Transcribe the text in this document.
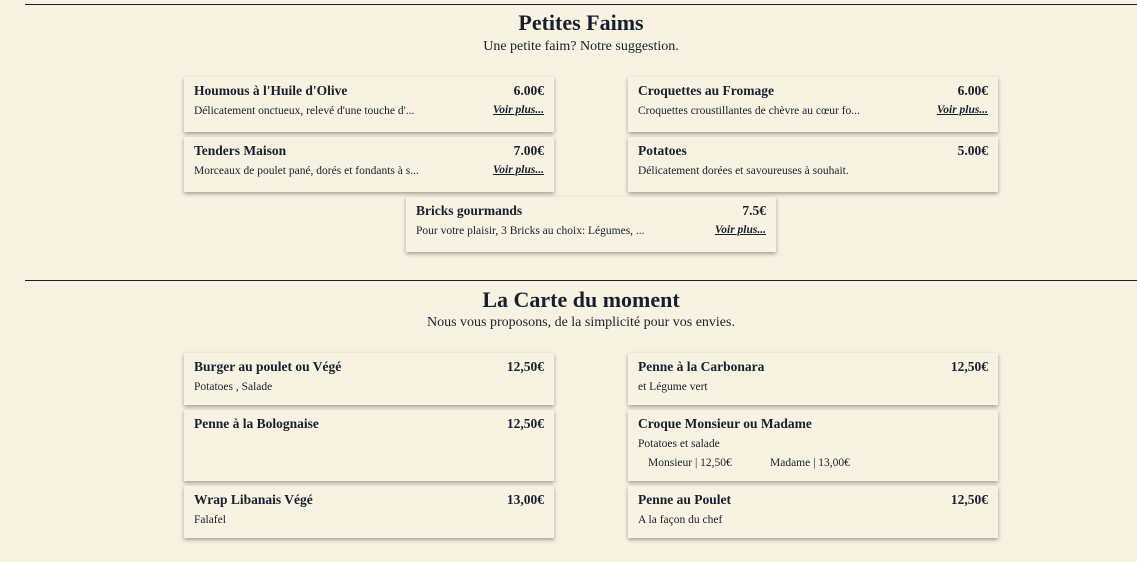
Petites Faims
Une petite faim? Notre suggestion.
Houmous à l'Huile d'Olive	6.00€
Délicatement onctueux, relevé d'une touche d'...	Voir plus...
Croquettes au Fromage	6.00€
Croquettes croustillantes de chèvre au cœur fo...	Voir plus...
Tenders Maison	7.00€
Morceaux de poulet pané, dorés et fondants à s...	Voir plus...
Potatoes	5.00€
Délicatement dorées et savoureuses à souhait.
Bricks gourmands	7.5€
Pour votre plaisir, 3 Bricks au choix: Légumes, ...	Voir plus...
La Carte du moment
Nous vous proposons, de la simplicité pour vos envies.
Burger au poulet ou Végé	12,50€
Potatoes , Salade
Penne à la Carbonara	12,50€
et Légume vert
Penne à la Bolognaise	12,50€	Croque Monsieur ou Madame
Potatoes et salade
Monsieur | 12,50€	Madame | 13,00€
Wrap Libanais Végé	13,00€
Falafel
Penne au Poulet	12,50€
A la façon du chef
